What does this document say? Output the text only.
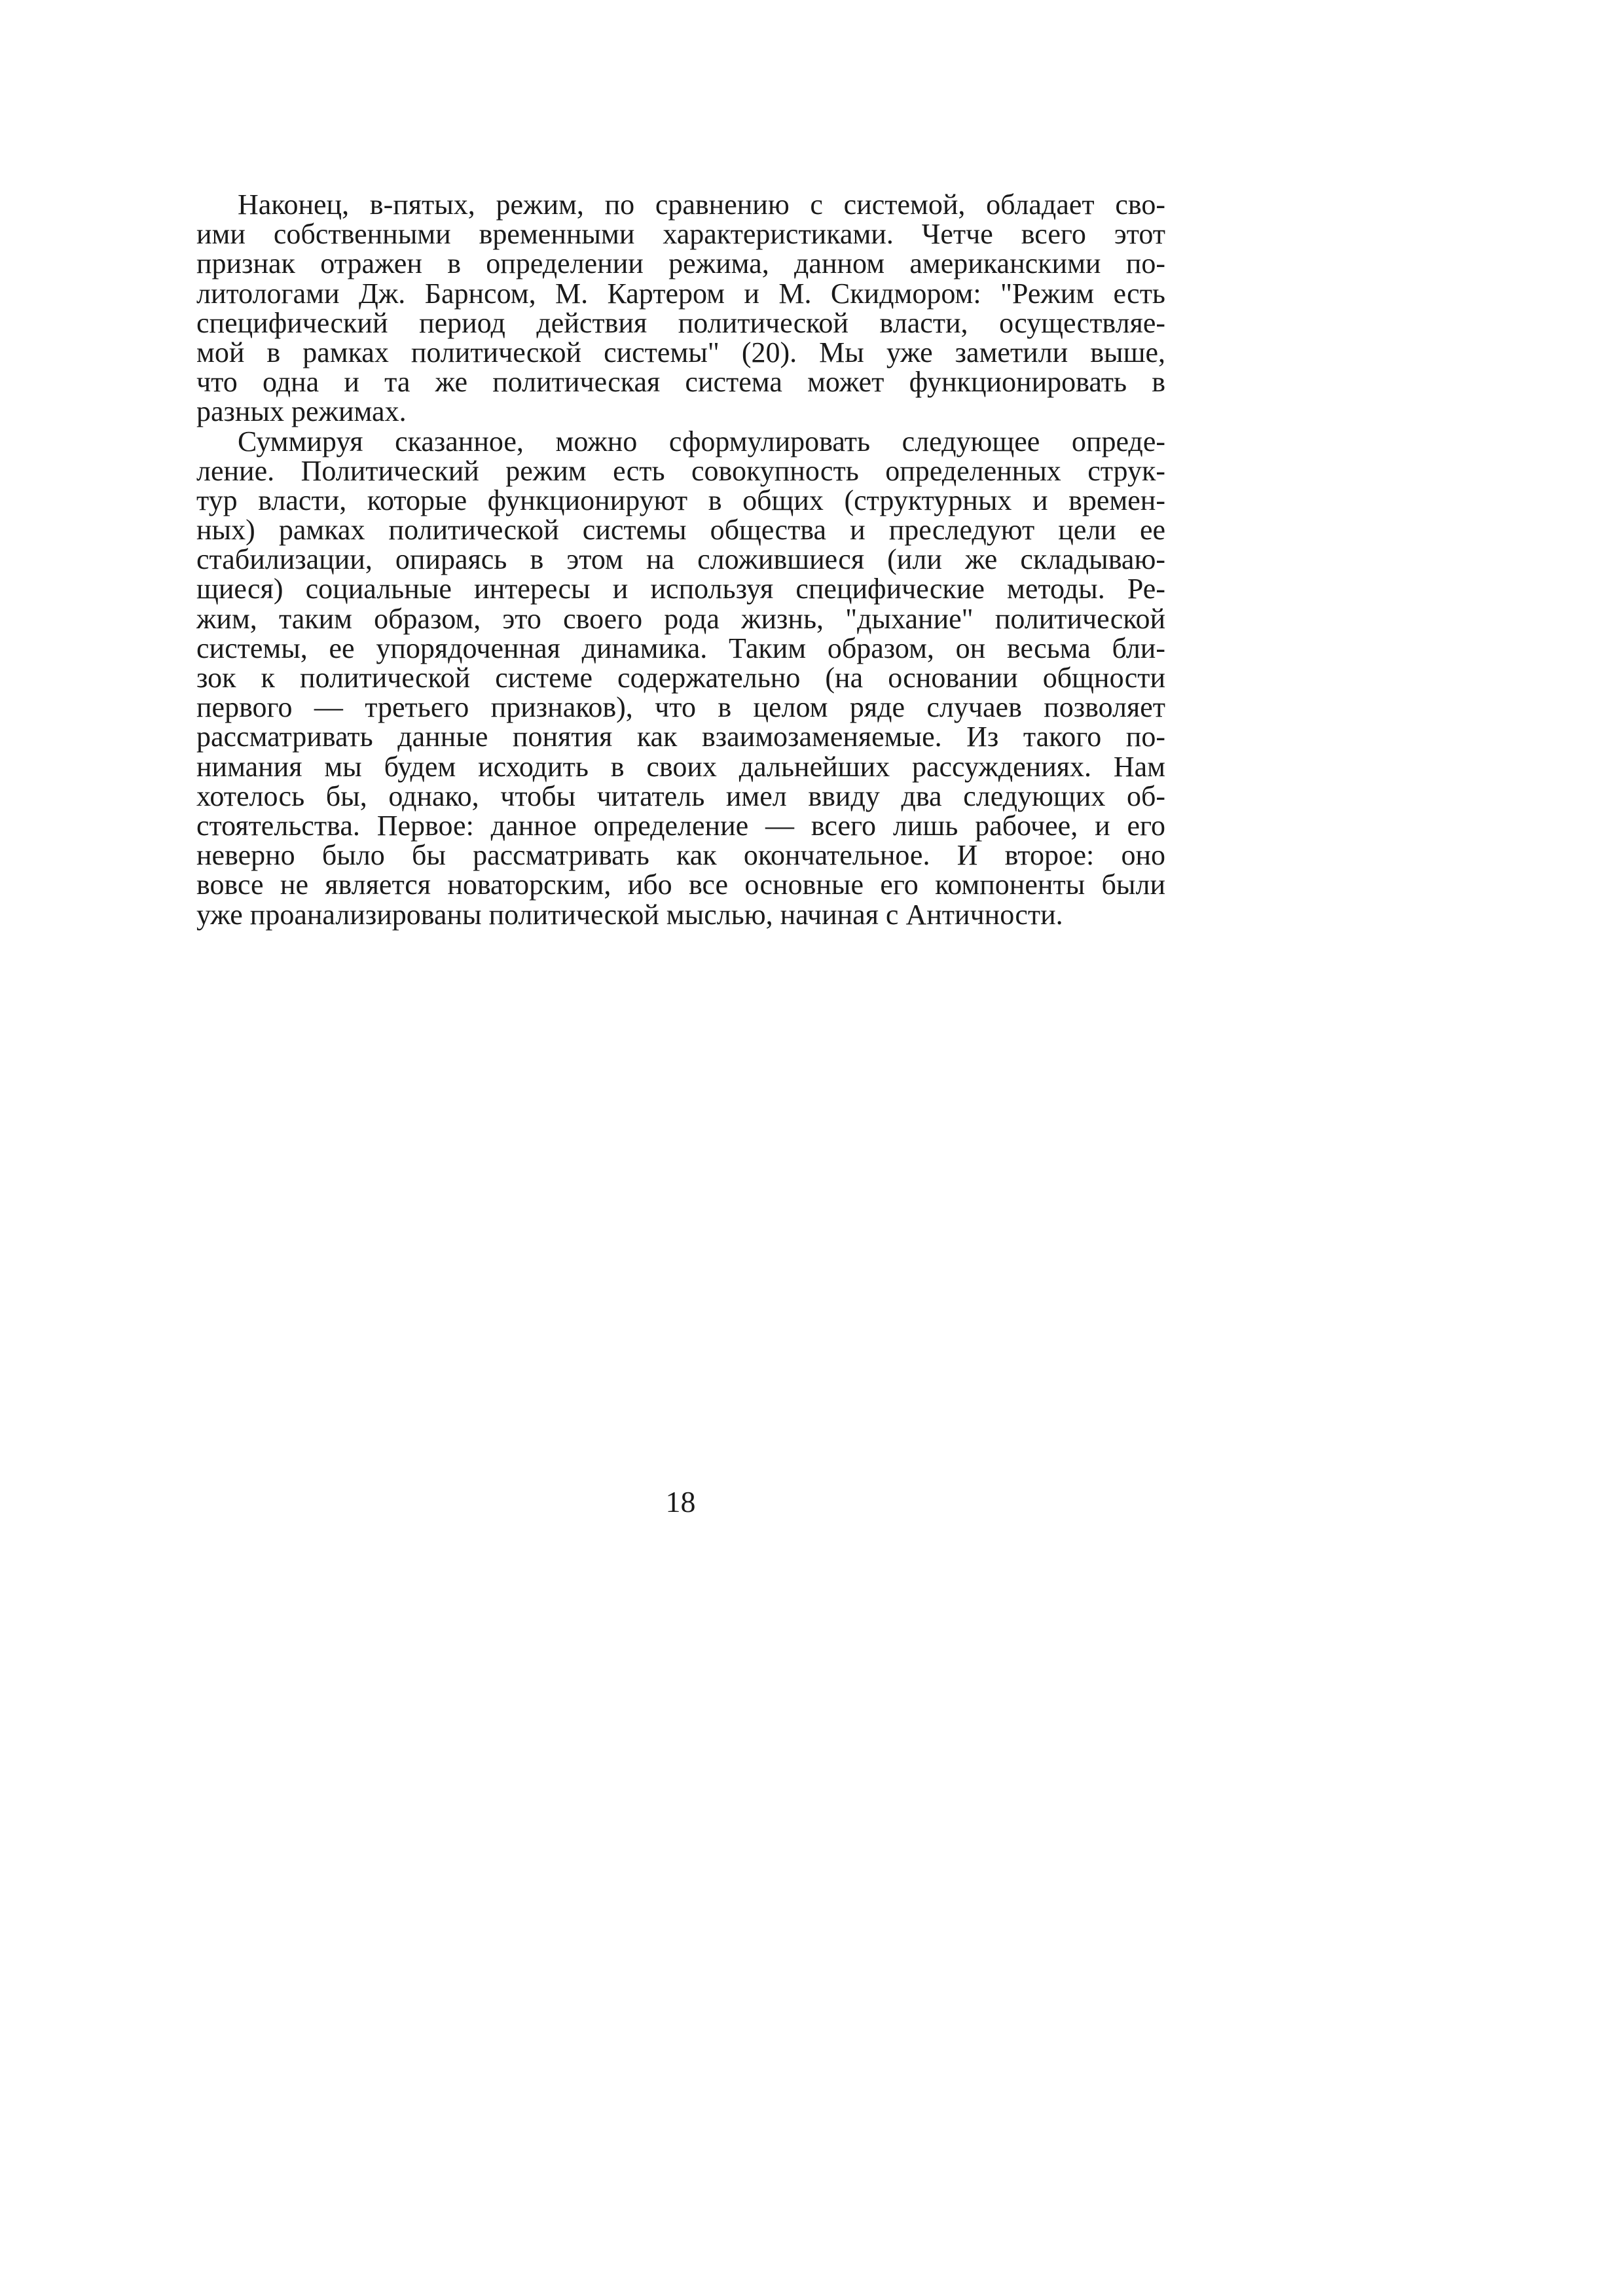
Наконец, в-пятых, режим, по сравнению с системой, обладает сво-
ими собственными временными характеристиками. Четче всего этот
признак отражен в определении режима, данном американскими по-
литологами Дж. Барнсом, М. Картером и М. Скидмором: "Режим есть
специфический период действия политической власти, осуществляе-
мой в рамках политической системы" (20). Мы уже заметили выше,
что одна и та же политическая система может функционировать в
разных режимах.
Суммируя сказанное, можно сформулировать следующее опреде-
ление. Политический режим есть совокупность определенных струк-
тур власти, которые функционируют в общих (структурных и времен-
ных) рамках политической системы общества и преследуют цели ее
стабилизации, опираясь в этом на сложившиеся (или же складываю-
щиеся) социальные интересы и используя специфические методы. Ре-
жим, таким образом, это своего рода жизнь, "дыхание" политической
системы, ее упорядоченная динамика. Таким образом, он весьма бли-
зок к политической системе содержательно (на основании общности
первого — третьего признаков), что в целом ряде случаев позволяет
рассматривать данные понятия как взаимозаменяемые. Из такого по-
нимания мы будем исходить в своих дальнейших рассуждениях. Нам
хотелось бы, однако, чтобы читатель имел ввиду два следующих об-
стоятельства. Первое: данное определение — всего лишь рабочее, и его
неверно было бы рассматривать как окончательное. И второе: оно
вовсе не является новаторским, ибо все основные его компоненты были
уже проанализированы политической мыслью, начиная с Античности.
18
